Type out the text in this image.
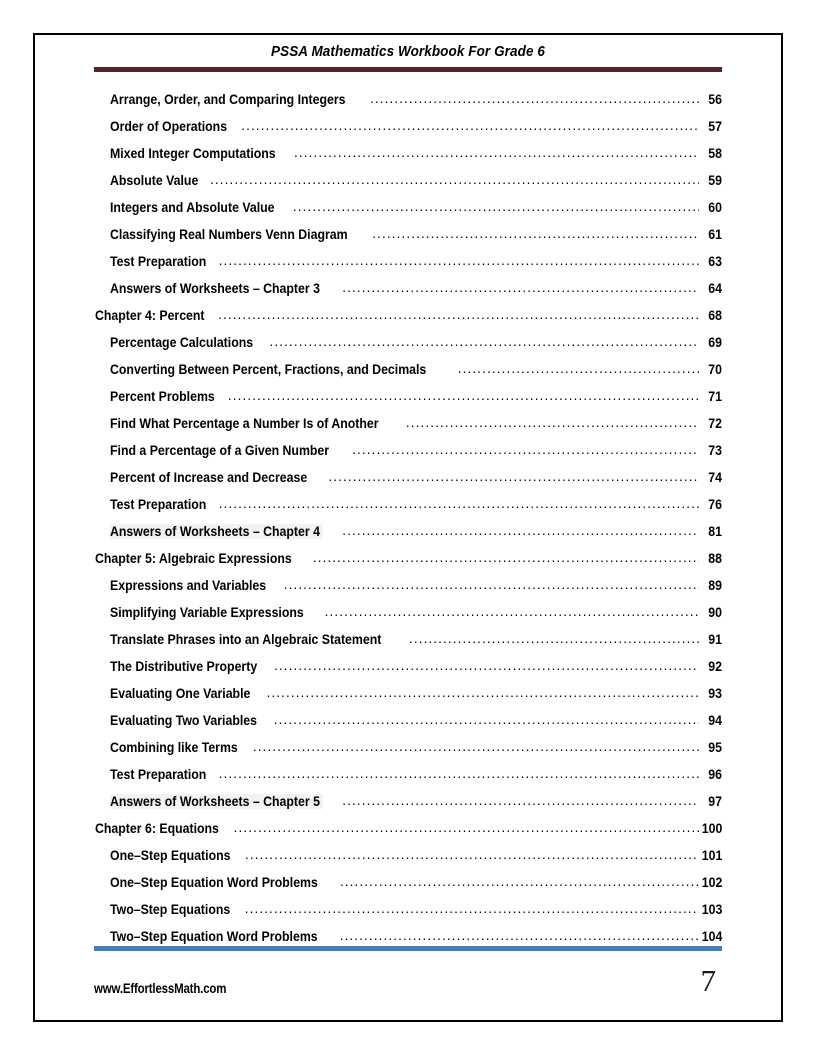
PSSA Mathematics Workbook For Grade 6
Arrange, Order, and Comparing Integers .....	56
Order of Operations .....	57
Mixed Integer Computations .....	58
Absolute Value .....	59
Integers and Absolute Value .....	60
Classifying Real Numbers Venn Diagram .....	61
Test Preparation .....	63
Answers of Worksheets – Chapter 3 .....	64
Chapter 4: Percent .....	68
Percentage Calculations .....	69
Converting Between Percent, Fractions, and Decimals .....	70
Percent Problems .....	71
Find What Percentage a Number Is of Another .....	72
Find a Percentage of a Given Number .....	73
Percent of Increase and Decrease .....	74
Test Preparation .....	76
Answers of Worksheets – Chapter 4 .....	81
Chapter 5: Algebraic Expressions .....	88
Expressions and Variables .....	89
Simplifying Variable Expressions .....	90
Translate Phrases into an Algebraic Statement .....	91
The Distributive Property .....	92
Evaluating One Variable .....	93
Evaluating Two Variables .....	94
Combining like Terms .....	95
Test Preparation .....	96
Answers of Worksheets – Chapter 5 .....	97
Chapter 6: Equations .....	100
One–Step Equations .....	101
One–Step Equation Word Problems .....	102
Two–Step Equations .....	103
Two–Step Equation Word Problems .....	104
www.EffortlessMath.com	7
